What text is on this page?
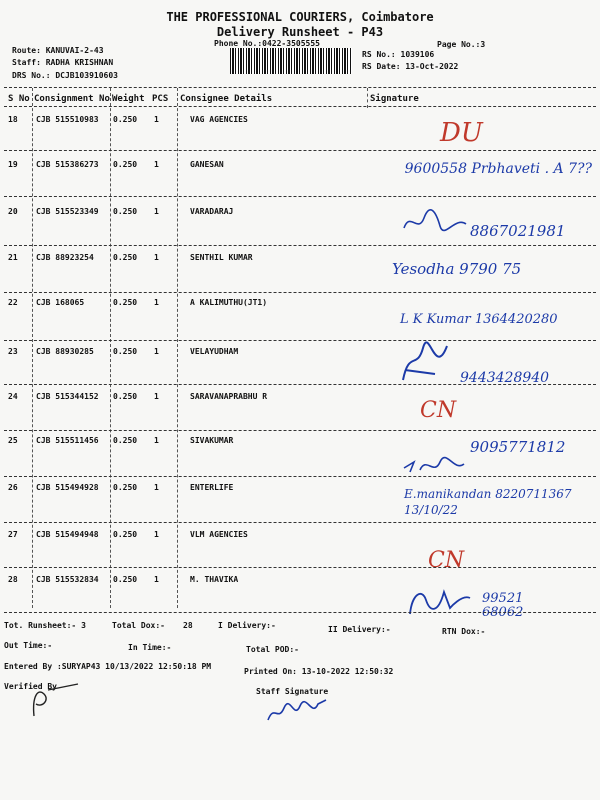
THE PROFESSIONAL COURIERS, Coimbatore
Delivery Runsheet - P43
Phone No.:0422-3505555	Page No.:3
Route: KANUVAI-2-43
Staff: RADHA KRISHNAN
DRS No.: DCJB103910603
RS No.: 1039106
RS Date: 13-Oct-2022
S No Consignment No Weight PCS Consignee Details	Signature
18 CJB 515510983 0.250 1	VAG AGENCIES	DU
19 CJB 515386273 0.250 1	GANESAN	9600558 Prbhaveti . A 7??
20 CJB 515523349 0.250 1	VARADARAJ
8867021981
21 CJB 88923254 0.250 1	SENTHIL KUMAR
Yesodha 9790 75
22 CJB 168065	0.250 1	A KALIMUTHU(JT1)
L K Kumar 1364420280
23 CJB 88930285 0.250 1	VELAYUDHAM
9443428940
24 CJB 515344152 0.250 1	SARAVANAPRABHU R
CN
25 CJB 515511456 0.250 1	SIVAKUMAR	9095771812
26 CJB 515494928 0.250 1	ENTERLIFE	E.manikandan 8220711367 13/10/22
27 CJB 515494948 0.250 1	VLM AGENCIES
CN
28 CJB 515532834 0.250 1	M. THAVIKA
99521 68062
Tot. Runsheet:- 3	Total Dox:- 28	I Delivery:-	II Delivery:-	RTN Dox:-
Out Time:-	In Time:-	Total POD:-
Entered By :SURYAP43 10/13/2022 12:50:18 PM
Printed On: 13-10-2022 12:50:32
Verified By
Staff Signature
